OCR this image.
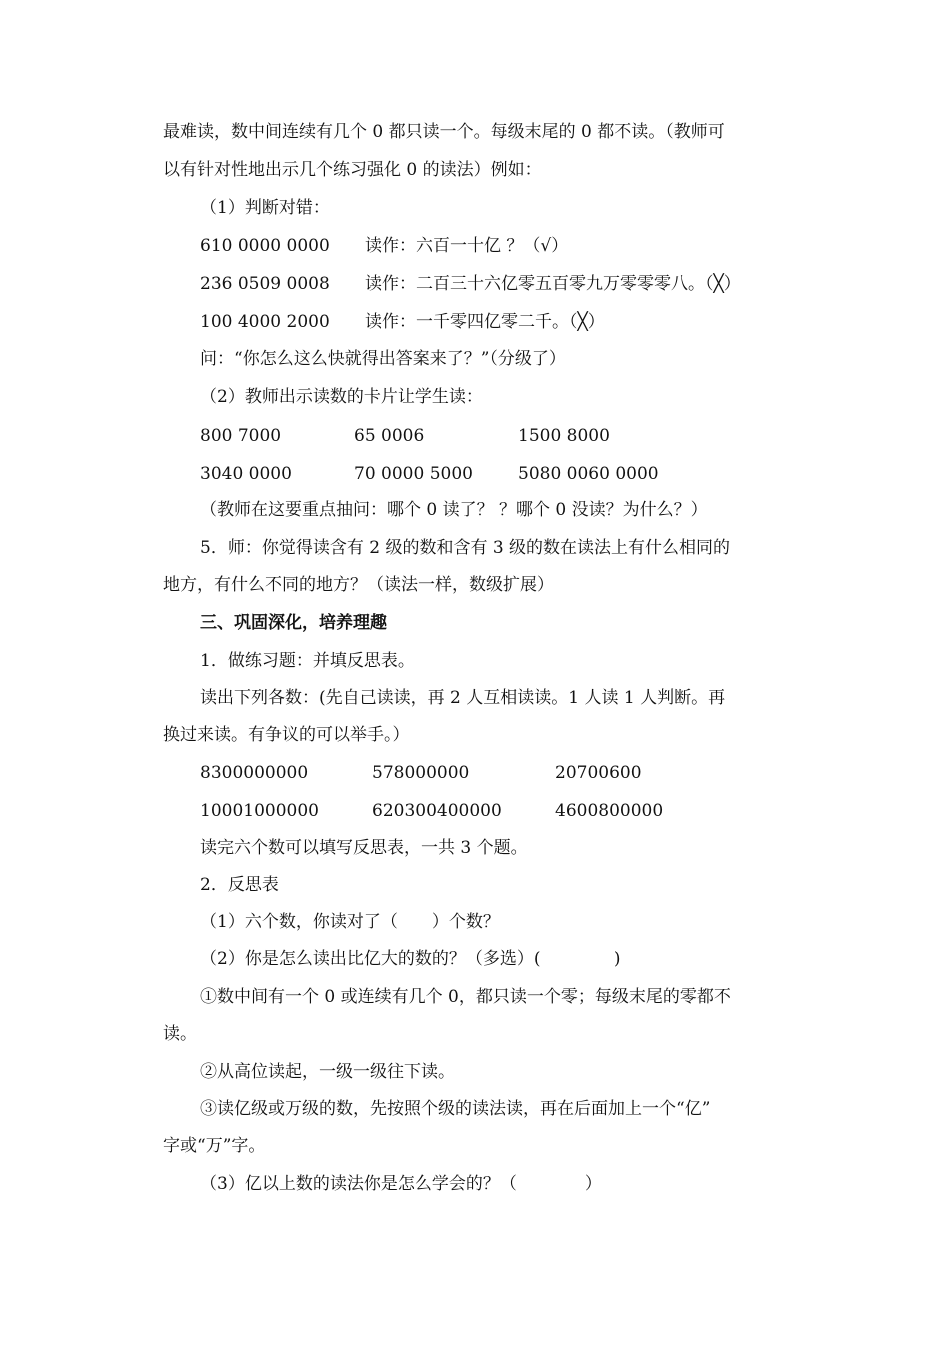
最难读，数中间连续有几个 0 都只读一个。每级末尾的 0 都不读。（教师可
以有针对性地出示几个练习强化 0 的读法）例如：
（1）判断对错：
610 0000 0000 读作：六百一十亿 ？（√）
236 0509 0008 读作：二百三十六亿零五百零九万零零零八。（╳）
100 4000 2000 读作：一千零四亿零二千。（╳）
问：“你怎么这么快就得出答案来了？”（分级了）
（2）教师出示读数的卡片让学生读：
800 7000	65 0006	1500 8000
3040 0000	70 0000 5000	5080 0060 0000
（教师在这要重点抽问：哪个 0 读了？ ？哪个 0 没读？为什么？）
5．师：你觉得读含有 2 级的数和含有 3 级的数在读法上有什么相同的
地方，有什么不同的地方？（读法一样，数级扩展）
三、巩固深化，培养理趣
1．做练习题：并填反思表。
读出下列各数：(先自己读读，再 2 人互相读读。1 人读 1 人判断。再
换过来读。有争议的可以举手。）
8300000000	578000000	20700600
10001000000	620300400000	4600800000
读完六个数可以填写反思表，一共 3 个题。
2．反思表
（1）六个数，你读对了（　　）个数？
（2）你是怎么读出比亿大的数的？（多选）(　　　　 )
①数中间有一个 0 或连续有几个 0，都只读一个零；每级末尾的零都不
读。
②从高位读起，一级一级往下读。
③读亿级或万级的数，先按照个级的读法读，再在后面加上一个“亿”
字或“万”字。
（3）亿以上数的读法你是怎么学会的？（　　　　）
